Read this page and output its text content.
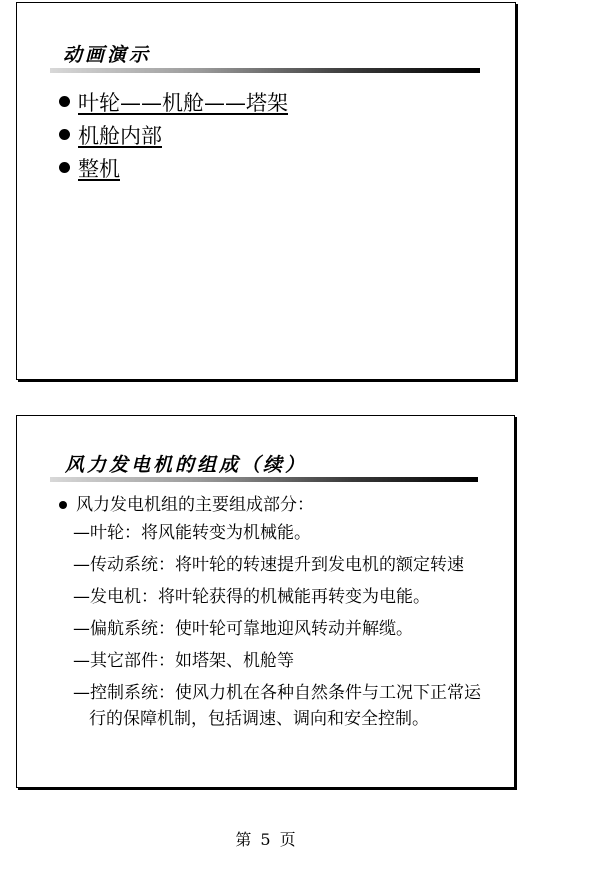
动画演示
叶轮——机舱——塔架
机舱内部
整机
风力发电机的组成（续）
风力发电机组的主要组成部分：
—叶轮：将风能转变为机械能。
—传动系统：将叶轮的转速提升到发电机的额定转速
—发电机：将叶轮获得的机械能再转变为电能。
—偏航系统：使叶轮可靠地迎风转动并解缆。
—其它部件：如塔架、机舱等
—控制系统：使风力机在各种自然条件与工况下正常运行的保障机制，包括调速、调向和安全控制。
第 5 页
